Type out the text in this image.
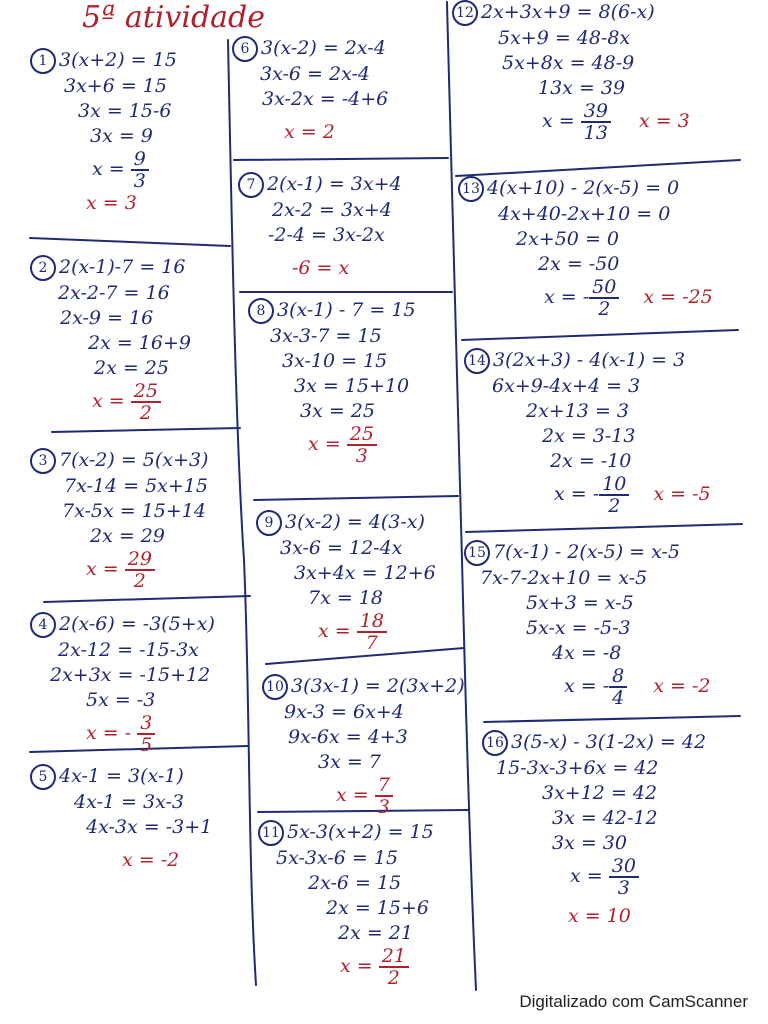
5ª atividade
1 3(x+2) = 15
3x+6 = 15
3x = 15-6
3x = 9
$x = \frac{9}{3}$
x = 3
2 2(x-1)-7 = 16
2x-2-7 = 16
2x-9 = 16
2x = 16+9
2x = 25
$x = \frac{25}{2}$
3 7(x-2) = 5(x+3)
7x-14 = 5x+15
7x-5x = 15+14
2x = 29
$x = \frac{29}{2}$
4 2(x-6) = -3(5+x)
2x-12 = -15-3x
2x+3x = -15+12
5x = -3
x = - $\frac{3}{5}$
5 4x-1 = 3(x-1)
4x-1 = 3x-3
4x-3x = -3+1
x = -2
6 3(x-2) = 2x-4
3x-6 = 2x-4
3x-2x = -4+6
x = 2
7 2(x-1) = 3x+4
2x-2 = 3x+4
-2-4 = 3x-2x
-6 = x
8 3(x-1) - 7 = 15
3x-3-7 = 15
3x-10 = 15
3x = 15+10
3x = 25
$x = \frac{25}{3}$
9 3(x-2) = 4(3-x)
3x-6 = 12-4x
3x+4x = 12+6
7x = 18
$x = \frac{18}{7}$
10 3(3x-1) = 2(3x+2)
9x-3 = 6x+4
9x-6x = 4+3
3x = 7
$x = \frac{7}{3}$
11 5x-3(x+2) = 15
5x-3x-6 = 15
2x-6 = 15
2x = 15+6
2x = 21
$x = \frac{21}{2}$
12 2x+3x+9 = 8(6-x)
5x+9 = 48-8x
5x+8x = 48-9
13x = 39
$x = \frac{39}{13}$ x = 3
13 4(x+10) - 2(x-5) = 0
4x+40-2x+10 = 0
2x+50 = 0
2x = -50
x = - $\frac{50}{2}$ x = -25
14 3(2x+3) - 4(x-1) = 3
6x+9-4x+4 = 3
2x+13 = 3
2x = 3-13
2x = -10
x = - $\frac{10}{2}$ x = -5
15 7(x-1) - 2(x-5) = x-5
7x-7-2x+10 = x-5
5x+3 = x-5
5x-x = -5-3
4x = -8
x = - $\frac{8}{4}$ x = -2
16 3(5-x) - 3(1-2x) = 42
15-3x-3+6x = 42
3x+12 = 42
3x = 42-12
3x = 30
$x = \frac{30}{3}$
x = 10
Digitalizado com CamScanner
